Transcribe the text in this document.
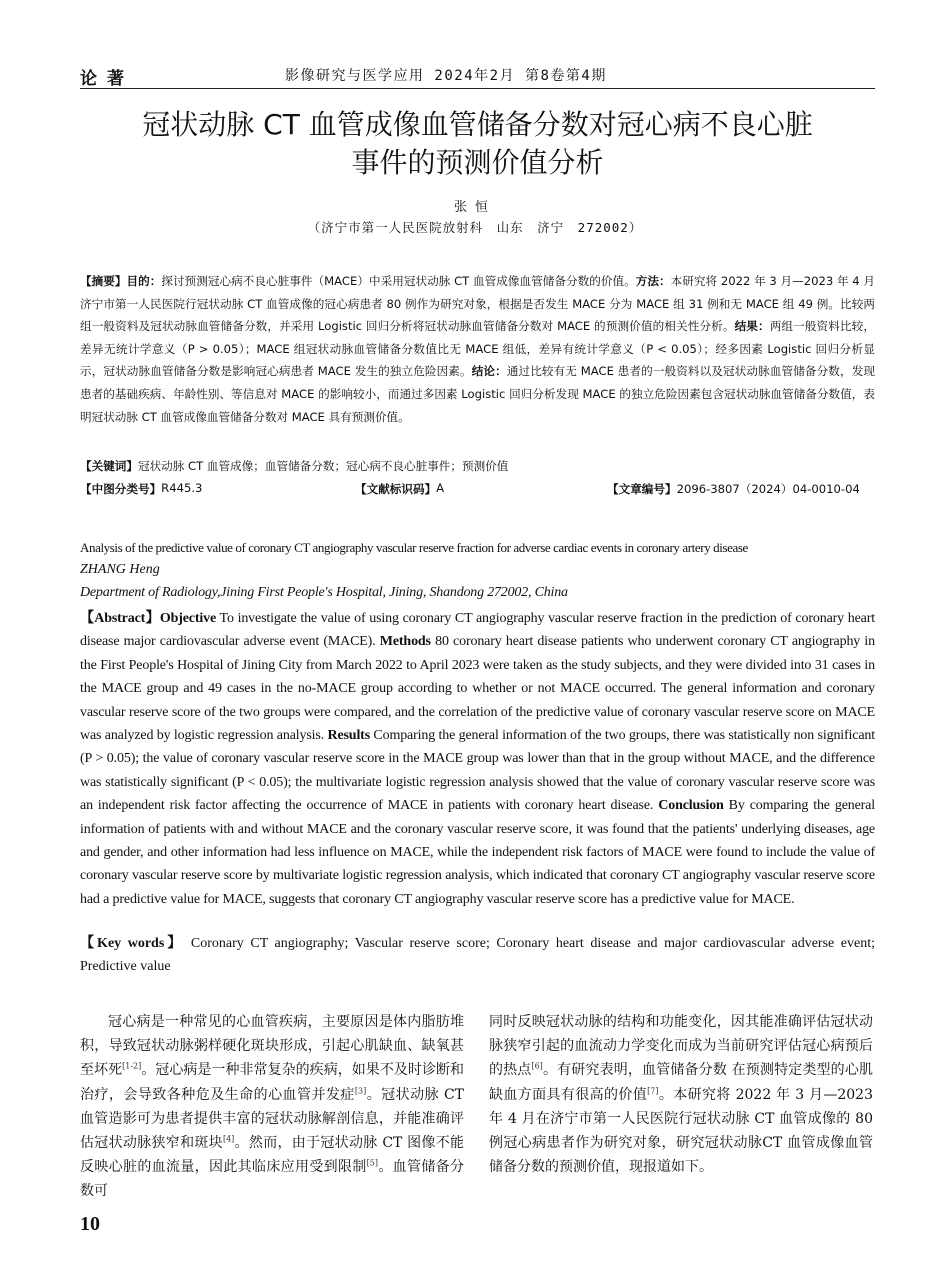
论著	影像研究与医学应用 2024年2月 第8卷第4期
冠状动脉 CT 血管成像血管储备分数对冠心病不良心脏
事件的预测价值分析
张恒
（济宁市第一人民医院放射科　山东　济宁　272002）
【摘要】目的：探讨预测冠心病不良心脏事件（MACE）中采用冠状动脉 CT 血管成像血管储备分数的价值。方法：本研究将 2022 年 3 月—2023 年 4 月济宁市第一人民医院行冠状动脉 CT 血管成像的冠心病患者 80 例作为研究对象，根据是否发生 MACE 分为 MACE 组 31 例和无 MACE 组 49 例。比较两组一般资料及冠状动脉血管储备分数，并采用 Logistic 回归分析将冠状动脉血管储备分数对 MACE 的预测价值的相关性分析。结果：两组一般资料比较，差异无统计学意义（P > 0.05）；MACE 组冠状动脉血管储备分数值比无 MACE 组低，差异有统计学意义（P < 0.05）；经多因素 Logistic 回归分析显示，冠状动脉血管储备分数是影响冠心病患者 MACE 发生的独立危险因素。结论：通过比较有无 MACE 患者的一般资料以及冠状动脉血管储备分数，发现患者的基础疾病、年龄性别、等信息对 MACE 的影响较小，而通过多因素 Logistic 回归分析发现 MACE 的独立危险因素包含冠状动脉血管储备分数值，表明冠状动脉 CT 血管成像血管储备分数对 MACE 具有预测价值。
【关键词】冠状动脉 CT 血管成像；血管储备分数；冠心病不良心脏事件；预测价值
【中图分类号】 R445.3	【文献标识码】 A	【文章编号】 2096-3807（2024）04-0010-04
Analysis of the predictive value of coronary CT angiography vascular reserve fraction for adverse cardiac events in coronary artery disease
ZHANG Heng
Department of Radiology,Jining First People's Hospital, Jining, Shandong 272002, China
【Abstract】Objective To investigate the value of using coronary CT angiography vascular reserve fraction in the prediction of coronary heart disease major cardiovascular adverse event (MACE). Methods 80 coronary heart disease patients who underwent coronary CT angiography in the First People's Hospital of Jining City from March 2022 to April 2023 were taken as the study subjects, and they were divided into 31 cases in the MACE group and 49 cases in the no-MACE group according to whether or not MACE occurred. The general information and coronary vascular reserve score of the two groups were compared, and the correlation of the predictive value of coronary vascular reserve score on MACE was analyzed by logistic regression analysis. Results Comparing the general information of the two groups, there was statistically non significant (P > 0.05); the value of coronary vascular reserve score in the MACE group was lower than that in the group without MACE, and the difference was statistically significant (P < 0.05); the multivariate logistic regression analysis showed that the value of coronary vascular reserve score was an independent risk factor affecting the occurrence of MACE in patients with coronary heart disease. Conclusion By comparing the general information of patients with and without MACE and the coronary vascular reserve score, it was found that the patients' underlying diseases, age and gender, and other information had less influence on MACE, while the independent risk factors of MACE were found to include the value of coronary vascular reserve score by multivariate logistic regression analysis, which indicated that coronary CT angiography vascular reserve score had a predictive value for MACE, suggests that coronary CT angiography vascular reserve score has a predictive value for MACE.
【Key words】 Coronary CT angiography; Vascular reserve score; Coronary heart disease and major cardiovascular adverse event; Predictive value
冠心病是一种常见的心血管疾病，主要原因是体内脂肪堆积，导致冠状动脉粥样硬化斑块形成，引起心肌缺血、缺氧甚至坏死[1-2]。冠心病是一种非常复杂的疾病，如果不及时诊断和治疗，会导致各种危及生命的心血管并发症[3]。冠状动脉 CT 血管造影可为患者提供丰富的冠状动脉解剖信息，并能准确评估冠状动脉狭窄和斑块[4]。然而，由于冠状动脉 CT 图像不能反映心脏的血流量，因此其临床应用受到限制[5]。血管储备分数可
同时反映冠状动脉的结构和功能变化，因其能准确评估冠状动脉狭窄引起的血流动力学变化而成为当前研究评估冠心病预后的热点[6]。有研究表明，血管储备分数 在预测特定类型的心肌缺血方面具有很高的价值[7]。本研究将 2022 年 3 月—2023 年 4 月在济宁市第一人民医院行冠状动脉 CT 血管成像的 80 例冠心病患者作为研究对象，研究冠状动脉CT 血管成像血管储备分数的预测价值，现报道如下。
10
